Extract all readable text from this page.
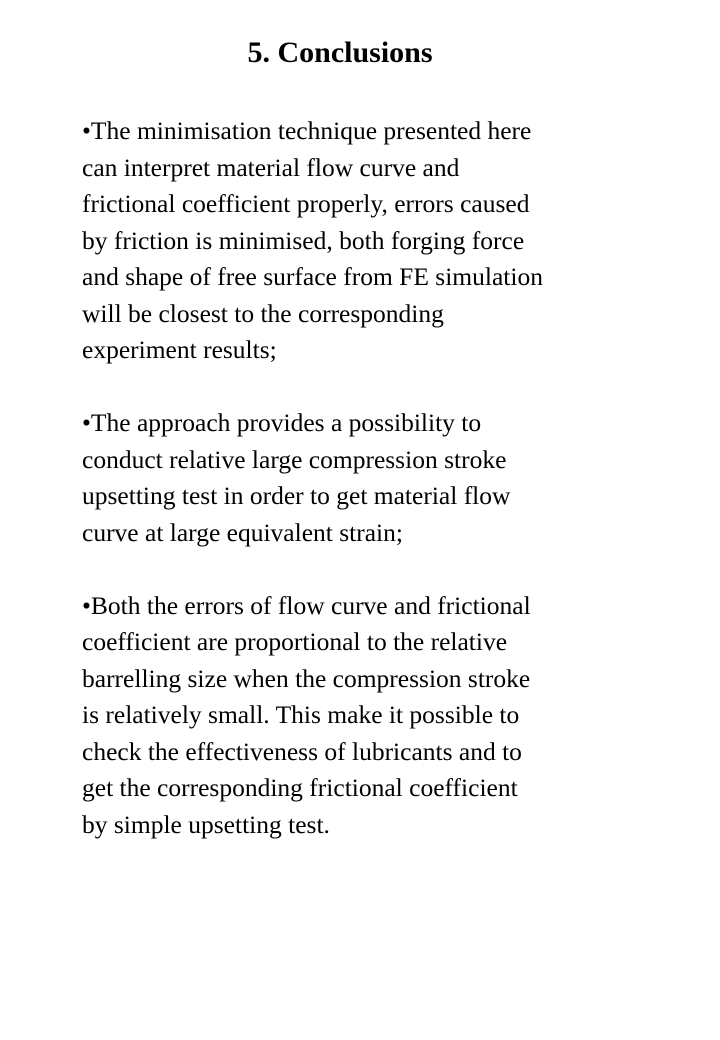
5. Conclusions
•The minimisation technique presented here
can interpret material flow curve and
frictional coefficient properly, errors caused
by friction is minimised, both forging force
and shape of free surface from FE simulation
will be closest to the corresponding
experiment results;
•The approach provides a possibility to
conduct relative large compression stroke
upsetting test in order to get material flow
curve at large equivalent strain;
•Both the errors of flow curve and frictional
coefficient are proportional to the relative
barrelling size when the compression stroke
is relatively small. This make it possible to
check the effectiveness of lubricants and to
get the corresponding frictional coefficient
by simple upsetting test.
